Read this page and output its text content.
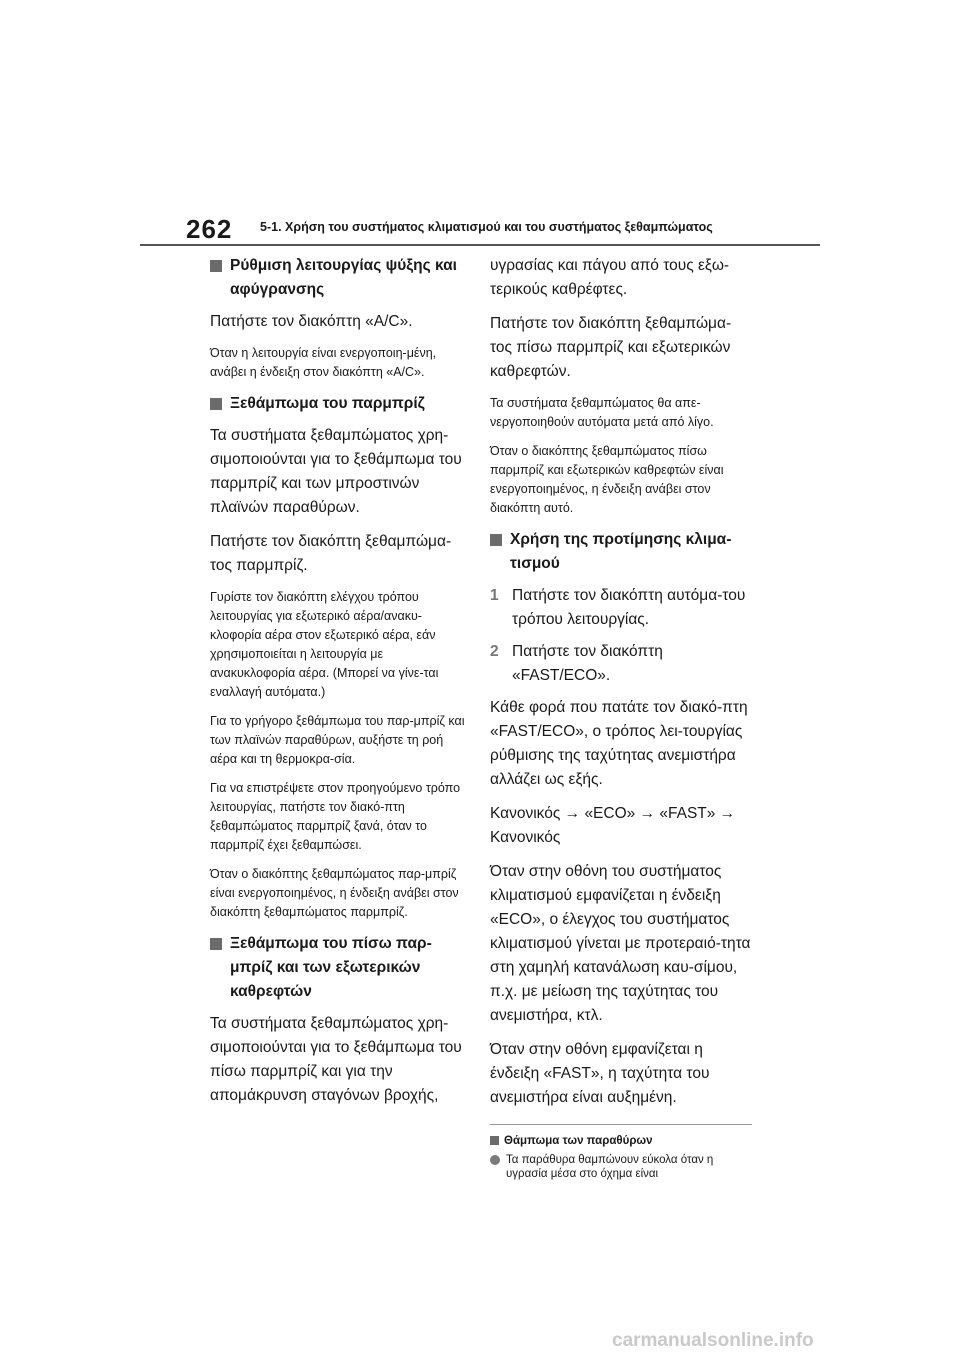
262 5-1. Χρήση του συστήματος κλιματισμού και του συστήματος ξεθαμπώματος
Ρύθμιση λειτουργίας ψύξης και αφύγρανσης
Πατήστε τον διακόπτη «A/C».
Όταν η λειτουργία είναι ενεργοποιη-μένη, ανάβει η ένδειξη στον διακόπτη «A/C».
Ξεθάμπωμα του παρμπρίζ
Τα συστήματα ξεθαμπώματος χρη-σιμοποιούνται για το ξεθάμπωμα του παρμπρίζ και των μπροστινών πλαϊνών παραθύρων.
Πατήστε τον διακόπτη ξεθαμπώμα-τος παρμπρίζ.
Γυρίστε τον διακόπτη ελέγχου τρόπου λειτουργίας για εξωτερικό αέρα/ανακυ-κλοφορία αέρα στον εξωτερικό αέρα, εάν χρησιμοποιείται η λειτουργία με ανακυκλοφορία αέρα. (Μπορεί να γίνε-ται εναλλαγή αυτόματα.)
Για το γρήγορο ξεθάμπωμα του παρ-μπρίζ και των πλαϊνών παραθύρων, αυξήστε τη ροή αέρα και τη θερμοκρα-σία.
Για να επιστρέψετε στον προηγούμενο τρόπο λειτουργίας, πατήστε τον διακό-πτη ξεθαμπώματος παρμπρίζ ξανά, όταν το παρμπρίζ έχει ξεθαμπώσει.
Όταν ο διακόπτης ξεθαμπώματος παρ-μπρίζ είναι ενεργοποιημένος, η ένδειξη ανάβει στον διακόπτη ξεθαμπώματος παρμπρίζ.
Ξεθάμπωμα του πίσω παρ-μπρίζ και των εξωτερικών καθρεφτών
Τα συστήματα ξεθαμπώματος χρη-σιμοποιούνται για το ξεθάμπωμα του πίσω παρμπρίζ και για την απομάκρυνση σταγόνων βροχής,
υγρασίας και πάγου από τους εξω-τερικούς καθρέφτες.
Πατήστε τον διακόπτη ξεθαμπώμα-τος πίσω παρμπρίζ και εξωτερικών καθρεφτών.
Τα συστήματα ξεθαμπώματος θα απε-νεργοποιηθούν αυτόματα μετά από λίγο.
Όταν ο διακόπτης ξεθαμπώματος πίσω παρμπρίζ και εξωτερικών καθρεφτών είναι ενεργοποιημένος, η ένδειξη ανάβει στον διακόπτη αυτό.
Χρήση της προτίμησης κλιμα-τισμού
1 Πατήστε τον διακόπτη αυτόμα-του τρόπου λειτουργίας.
2 Πατήστε τον διακόπτη «FAST/ECO».
Κάθε φορά που πατάτε τον διακό-πτη «FAST/ECO», ο τρόπος λει-τουργίας ρύθμισης της ταχύτητας ανεμιστήρα αλλάζει ως εξής.
Κανονικός → «ECO» → «FAST» → Κανονικός
Όταν στην οθόνη του συστήματος κλιματισμού εμφανίζεται η ένδειξη «ECO», ο έλεγχος του συστήματος κλιματισμού γίνεται με προτεραιό-τητα στη χαμηλή κατανάλωση καυ-σίμου, π.χ. με μείωση της ταχύτητας του ανεμιστήρα, κτλ.
Όταν στην οθόνη εμφανίζεται η ένδειξη «FAST», η ταχύτητα του ανεμιστήρα είναι αυξημένη.
Θάμπωμα των παραθύρων
Τα παράθυρα θαμπώνουν εύκολα όταν η υγρασία μέσα στο όχημα είναι
carmanualsonline.info
